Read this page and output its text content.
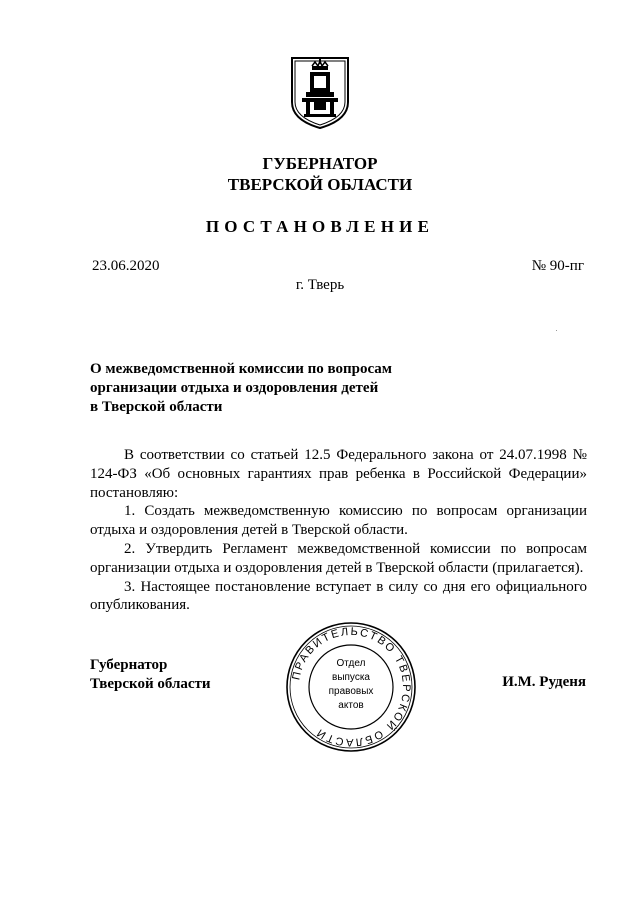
ГУБЕРНАТОР
ТВЕРСКОЙ ОБЛАСТИ
ПОСТАНОВЛЕНИЕ
23.06.2020	№ 90-пг
г. Тверь
О межведомственной комиссии по вопросам
организации отдыха и оздоровления детей
в Тверской области

В соответствии со статьей 12.5 Федерального закона от 24.07.1998 № 124-ФЗ «Об основных гарантиях прав ребенка в Российской Федерации» постановляю:

1. Создать межведомственную комиссию по вопросам организации отдыха и оздоровления детей в Тверской области.

2. Утвердить Регламент межведомственной комиссии по вопросам организации отдыха и оздоровления детей в Тверской области (прилагается).

3. Настоящее постановление вступает в силу со дня его официального опубликования.

Губернатор
Тверской области	И.М. Руденя
ПРАВИТЕЛЬСТВО ТВЕРСКОЙ ОБЛАСТИ
Отдел
выпуска
правовых
актов
